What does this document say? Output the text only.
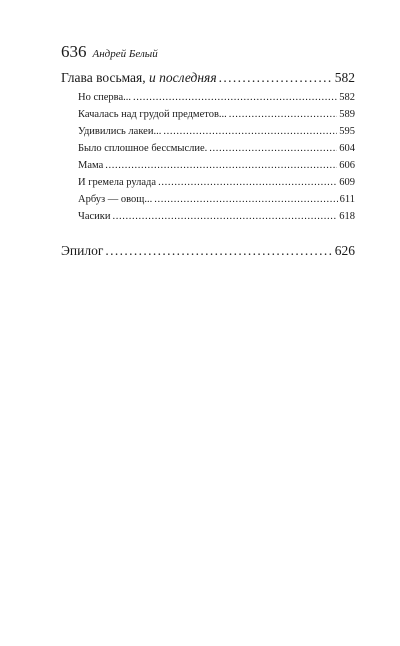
636 Андрей Белый
Глава восьмая, и последняя . . .	582
Но сперва... . . .	582
Качалась над грудой предметов... . . .	589
Удивились лакеи... . . .	595
Было сплошное бессмыслие. . . .	604
Мама . . .	606
И гремела рулада . . .	609
Арбуз — овощ... . . .	611
Часики . . .	618
Эпилог . . .	626
